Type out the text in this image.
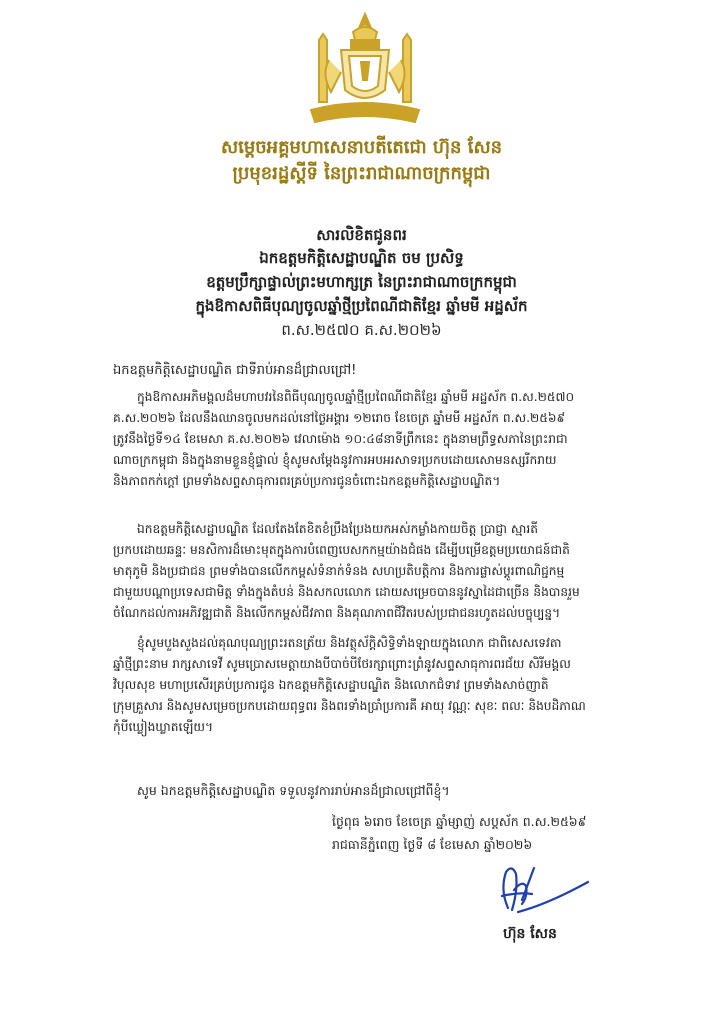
សម្ដេចអគ្គមហាសេនាបតីតេជោ ហ៊ុន សែន
ប្រមុខរដ្ឋស្តីទី នៃព្រះរាជាណាចក្រកម្ពុជា
សារលិខិតជូនពរ
ឯកឧត្តមកិត្តិសេដ្ឋាបណ្ឌិត ចម ប្រសិទ្ធ
ឧត្តមប្រឹក្សាផ្ទាល់ព្រះមហាក្សត្រ នៃព្រះរាជាណាចក្រកម្ពុជា
ក្នុងឱកាសពិធីបុណ្យចូលឆ្នាំថ្មីប្រពៃណីជាតិខ្មែរ ឆ្នាំមមី អដ្ឋស័ក
ព.ស.២៥៧០ គ.ស.២០២៦
ឯកឧត្តមកិត្តិសេដ្ឋាបណ្ឌិត ជាទីរាប់អានដ៏ជ្រាលជ្រៅ!
ក្នុងឱកាសអភិមង្គលដ៏មហាបវរនៃពិធីបុណ្យចូលឆ្នាំថ្មីប្រពៃណីជាតិខ្មែរ ឆ្នាំមមី អដ្ឋស័ក ព.ស.២៥៧០
គ.ស.២០២៦ ដែលនឹងឈានចូលមកដល់នៅថ្ងៃអង្គារ ១២រោច ខែចេត្រ ឆ្នាំមមី អដ្ឋស័ក ព.ស.២៥៦៩
ត្រូវនឹងថ្ងៃទី១៤ ខែមេសា គ.ស.២០២៦ វេលាម៉ោង ១០:៤៨នាទីព្រឹកនេះ ក្នុងនាមព្រឹទ្ធសភានៃព្រះរាជា
ណាចក្រកម្ពុជា និងក្នុងនាមខ្លួនខ្ញុំផ្ទាល់ ខ្ញុំសូមសម្ដែងនូវការអបអរសាទរប្រកបដោយសោមនស្សរីករាយ
និងភាពកក់ក្ដៅ ព្រមទាំងសព្ទសាធុការពរគ្រប់ប្រការជូនចំពោះឯកឧត្តមកិត្តិសេដ្ឋាបណ្ឌិត។
ឯកឧត្តមកិត្តិសេដ្ឋាបណ្ឌិត ដែលតែងតែខិតខំប្រឹងប្រែងយកអស់កម្លាំងកាយចិត្ត ប្រាជ្ញា ស្មារតី
ប្រកបដោយឆន្ទៈ មនសិការដ៏មោះមុតក្នុងការបំពេញបេសកកម្មយ៉ាងជំផង ដើម្បីបម្រើឧត្តមប្រយោជន៍ជាតិ
មាតុភូមិ និងប្រជាជន ព្រមទាំងបានលើកកម្ពស់ទំនាក់ទំនង សហប្រតិបត្តិការ និងការផ្លាស់ប្ដូរពាណិជ្ជកម្ម
ជាមួយបណ្ដាប្រទេសជាមិត្ត ទាំងក្នុងតំបន់ និងសកលលោក ដោយសម្រេចបាននូវស្នាដៃជាច្រើន និងបានរួម
ចំណែកដល់ការអភិវឌ្ឍជាតិ និងលើកកម្ពស់ជីវភាព និងគុណភាពជីវិតរបស់ប្រជាជនរហូតដល់បច្ចុប្បន្ន។
ខ្ញុំសូមបួងសួងដល់គុណបុណ្យព្រះរតនត្រ័យ និងវត្ថុស័ក្តិសិទ្ធិទាំងឡាយក្នុងលោក ជាពិសេសទេវតា
ឆ្នាំថ្មីព្រះនាម រាក្សសាទេវី សូមប្រោសមេត្តាយាងបីបាច់បីថែរក្សាព្រោះព្រំនូវសព្ទសាធុការពរជ័យ សិរីមង្គល
វិបុលសុខ មហាប្រសើរគ្រប់ប្រការជូន ឯកឧត្តមកិត្តិសេដ្ឋាបណ្ឌិត និងលោកជំទាវ ព្រមទាំងសាច់ញាតិ
ក្រុមគ្រួសារ និងសូមសម្រេចប្រកបដោយពុទ្ធពរ និងពរទាំងប្រាំប្រការគឺ អាយុ វណ្ណៈ សុខៈ ពលៈ និងបដិភាណ
កុំបីឃ្លៀងឃ្លាតឡើយ។
សូម ឯកឧត្តមកិត្តិសេដ្ឋាបណ្ឌិត ទទួលនូវការរាប់អានដ៏ជ្រាលជ្រៅពីខ្ញុំ។
ថ្ងៃពុធ ៦រោច ខែចេត្រ ឆ្នាំម្សាញ់ សប្តស័ក ព.ស.២៥៦៩
រាជធានីភ្នំពេញ ថ្ងៃទី ៨ ខែមេសា ឆ្នាំ២០២៦
ហ៊ុន សែន
